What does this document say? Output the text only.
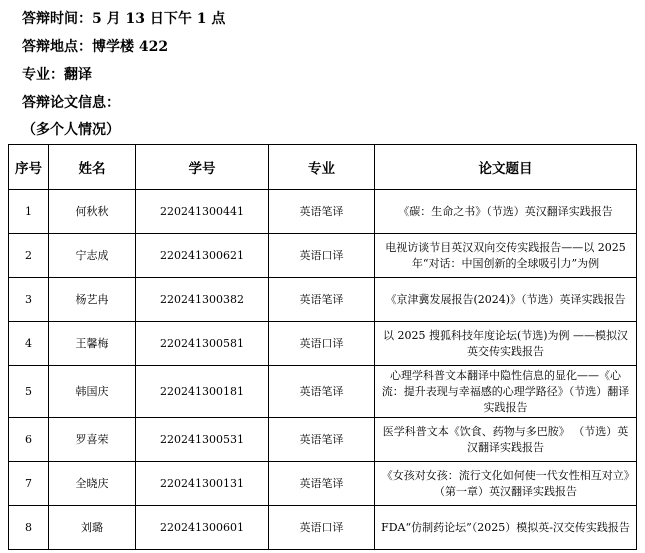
答辩时间：5 月 13 日下午 1 点
答辩地点：博学楼 422
专业：翻译
答辩论文信息：
（多个人情况）
序号	姓名	学号	专业	论文题目
1	何秋秋	220241300441	英语笔译	《碳：生命之书》（节选）英汉翻译实践报告
2	宁志成	220241300621	英语口译	电视访谈节目英汉双向交传实践报告——以 2025 年“对话：中国创新的全球吸引力”为例
3	杨艺冉	220241300382	英语笔译	《京津冀发展报告(2024)》（节选）英译实践报告
4	王馨梅	220241300581	英语口译	以 2025 搜狐科技年度论坛(节选)为例 ——模拟汉英交传实践报告
5	韩国庆	220241300181	英语笔译	心理学科普文本翻译中隐性信息的显化——《心流：提升表现与幸福感的心理学路径》（节选）翻译实践报告
6	罗喜荣	220241300531	英语笔译	医学科普文本《饮食、药物与多巴胺》 （节选）英汉翻译实践报告
7	全晓庆	220241300131	英语笔译	《女孩对女孩：流行文化如何使一代女性相互对立》（第一章）英汉翻译实践报告
8	刘璐	220241300601	英语口译	FDA“仿制药论坛”（2025）模拟英-汉交传实践报告
